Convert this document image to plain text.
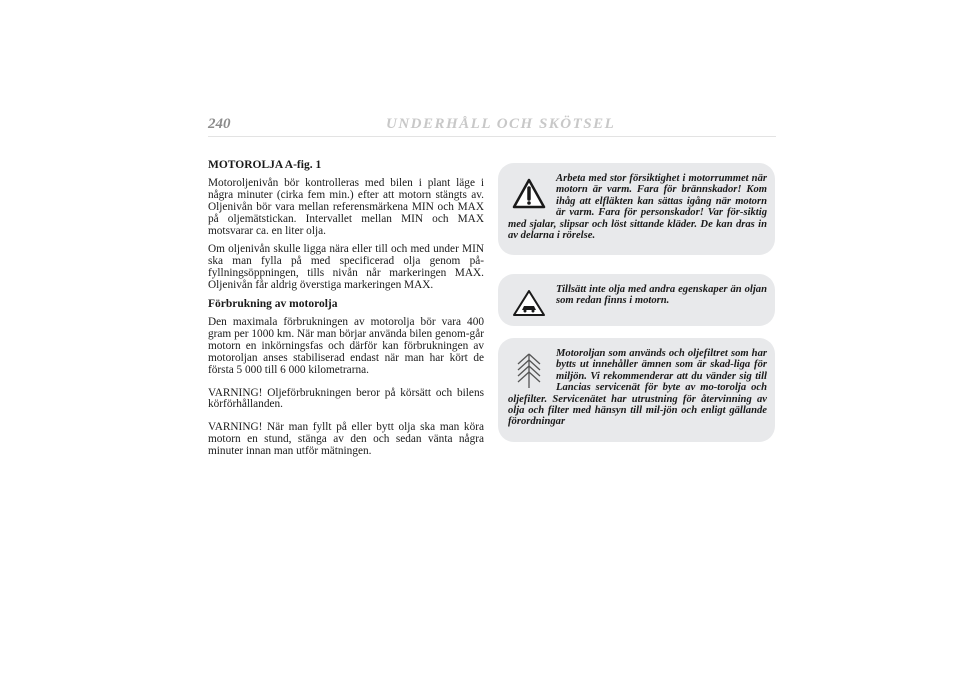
240	UNDERHÅLL OCH SKÖTSEL

MOTOROLJA A-fig. 1

Motoroljenivån bör kontrolleras med bilen i plant läge i några minuter (cirka fem min.) efter att motorn stängts av. Oljenivån bör vara mellan referensmärkena MIN och MAX på oljemätstickan. Intervallet mellan MIN och MAX motsvarar ca. en liter olja.

Om oljenivån skulle ligga nära eller till och med under MIN ska man fylla på med specificerad olja genom på-fyllningsöppningen, tills nivån når markeringen MAX. Oljenivån får aldrig överstiga markeringen MAX.

Förbrukning av motorolja

Den maximala förbrukningen av motorolja bör vara 400 gram per 1000 km. När man börjar använda bilen genom-går motorn en inkörningsfas och därför kan förbrukningen av motoroljan anses stabiliserad endast när man har kört de första 5 000 till 6 000 kilometrarna.

VARNING! Oljeförbrukningen beror på körsätt och bilens körförhållanden.

VARNING! När man fyllt på eller bytt olja ska man köra motorn en stund, stänga av den och sedan vänta några minuter innan man utför mätningen.

Arbeta med stor försiktighet i motorrummet när motorn är varm. Fara för brännskador! Kom ihåg att elfläkten kan sättas igång när motorn är varm. Fara för personskador! Var för-siktig med sjalar, slipsar och löst sittande kläder. De kan dras in av delarna i rörelse.

Tillsätt inte olja med andra egenskaper än oljan som redan finns i motorn.

Motoroljan som används och oljefiltret som har bytts ut innehåller ämnen som är skad-liga för miljön. Vi rekommenderar att du vänder sig till Lancias servicenät för byte av mo-torolja och oljefilter. Servicenätet har utrustning för återvinning av olja och filter med hänsyn till mil-jön och enligt gällande förordningar
